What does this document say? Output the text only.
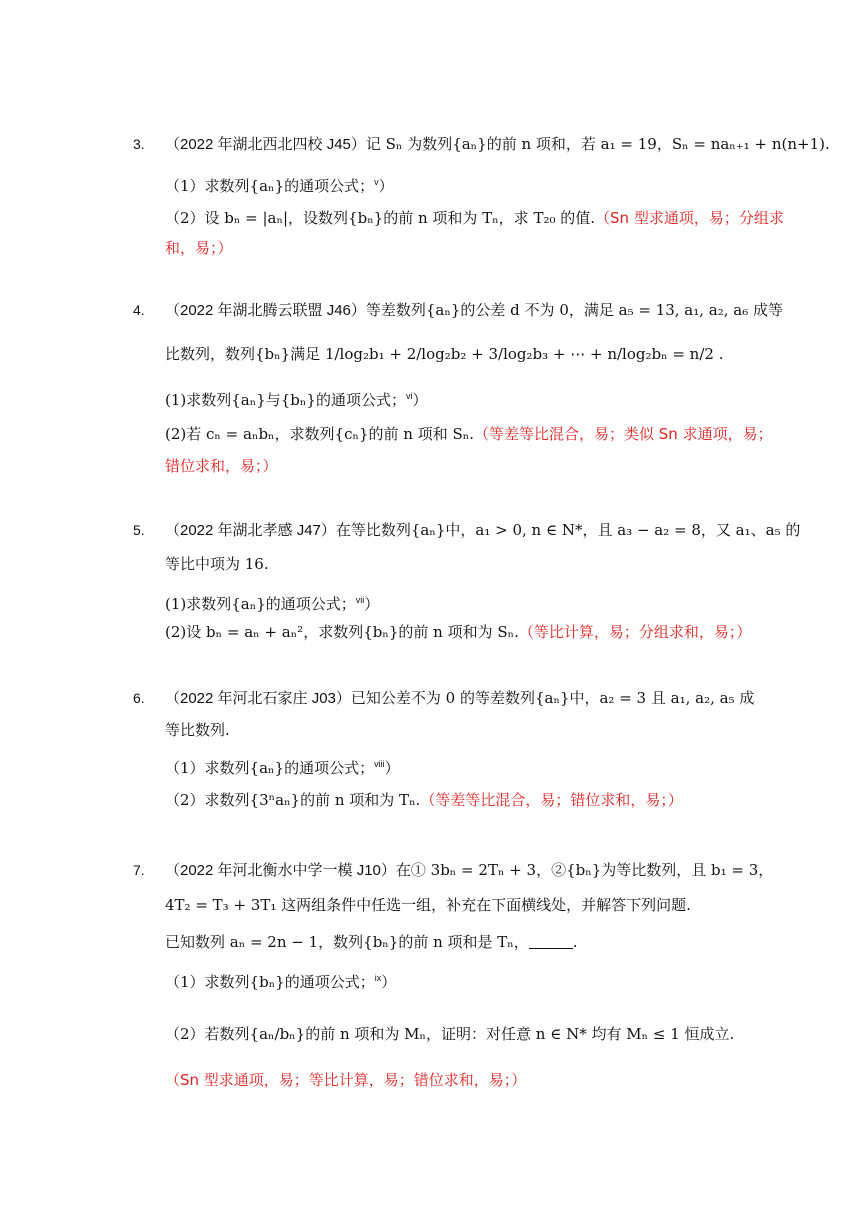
3. （2022 年湖北西北四校 J45）记 Sₙ 为数列{aₙ}的前 n 项和，若 a₁ = 19，Sₙ = naₙ₊₁ + n(n+1).
（1）求数列{aₙ}的通项公式；$^v$）
（2）设 bₙ = |aₙ|，设数列{bₙ}的前 n 项和为 Tₙ，求 T₂₀ 的值.（Sn 型求通项，易；分组求
和，易；）
4. （2022 年湖北腾云联盟 J46）等差数列{aₙ}的公差 d 不为 0，满足 a₅ = 13, a₁, a₂, a₆ 成等
比数列，数列{bₙ}满足 1/log₂b₁ + 2/log₂b₂ + 3/log₂b₃ + ⋯ + n/log₂bₙ = n/2 .
(1)求数列{aₙ}与{bₙ}的通项公式；$^{vi}$）
(2)若 cₙ = aₙbₙ，求数列{cₙ}的前 n 项和 Sₙ.（等差等比混合，易；类似 Sn 求通项，易；
错位求和，易；）
5. （2022 年湖北孝感 J47）在等比数列{aₙ}中，a₁ > 0, n ∈ N*，且 a₃ − a₂ = 8，又 a₁、a₅ 的
等比中项为 16.
(1)求数列{aₙ}的通项公式；$^{vii}$）
(2)设 bₙ = aₙ + aₙ²，求数列{bₙ}的前 n 项和为 Sₙ.（等比计算，易；分组求和，易；）
6. （2022 年河北石家庄 J03）已知公差不为 0 的等差数列{aₙ}中，a₂ = 3 且 a₁, a₂, a₅ 成
等比数列.
（1）求数列{aₙ}的通项公式；$^{viii}$）
（2）求数列{3ⁿaₙ}的前 n 项和为 Tₙ.（等差等比混合，易；错位求和，易；）
7. （2022 年河北衡水中学一模 J10）在① 3bₙ = 2Tₙ + 3，②{bₙ}为等比数列，且 b₁ = 3，
4T₂ = T₃ + 3T₁ 这两组条件中任选一组，补充在下面横线处，并解答下列问题.
已知数列 aₙ = 2n − 1，数列{bₙ}的前 n 项和是 Tₙ，	.
（1）求数列{bₙ}的通项公式；$^{ix}$）
（2）若数列{aₙ/bₙ}的前 n 项和为 Mₙ，证明：对任意 n ∈ N* 均有 Mₙ ≤ 1 恒成立.
（Sn 型求通项，易；等比计算，易；错位求和，易；）
